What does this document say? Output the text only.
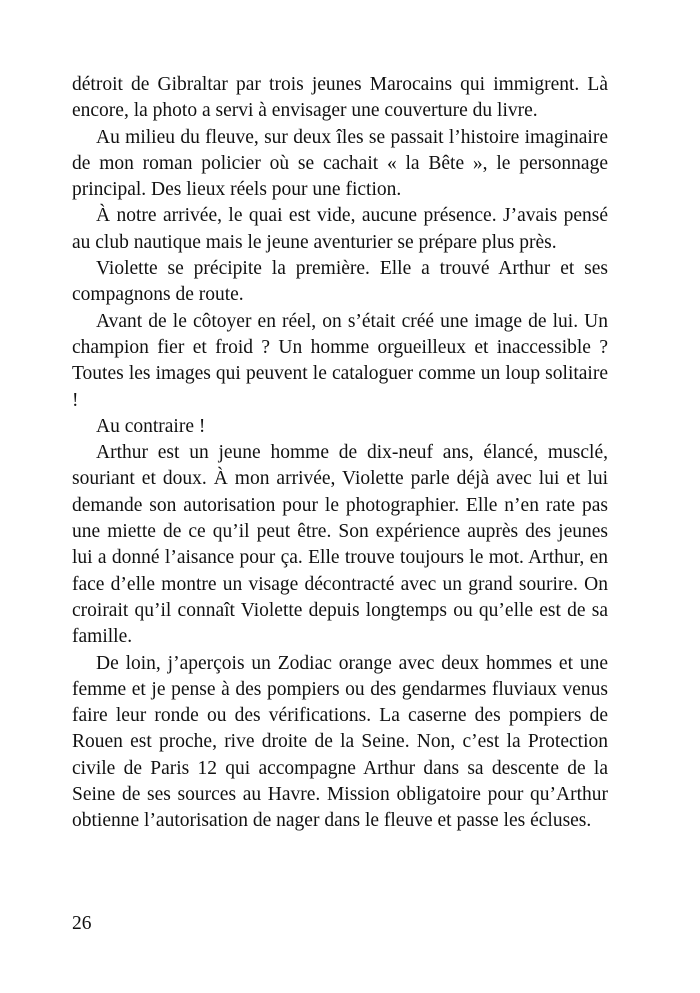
détroit de Gibraltar par trois jeunes Marocains qui immigrent. Là encore, la photo a servi à envisager une couverture du livre.

Au milieu du fleuve, sur deux îles se passait l’histoire imaginaire de mon roman policier où se cachait « la Bête », le personnage principal. Des lieux réels pour une fiction.

À notre arrivée, le quai est vide, aucune présence. J’avais pensé au club nautique mais le jeune aventurier se prépare plus près.

Violette se précipite la première. Elle a trouvé Arthur et ses compagnons de route.

Avant de le côtoyer en réel, on s’était créé une image de lui. Un champion fier et froid ? Un homme orgueilleux et inaccessible ? Toutes les images qui peuvent le cataloguer comme un loup solitaire !

Au contraire !

Arthur est un jeune homme de dix-neuf ans, élancé, musclé, souriant et doux. À mon arrivée, Violette parle déjà avec lui et lui demande son autorisation pour le photographier. Elle n’en rate pas une miette de ce qu’il peut être. Son expérience auprès des jeunes lui a donné l’aisance pour ça. Elle trouve toujours le mot. Arthur, en face d’elle montre un visage décontracté avec un grand sourire. On croirait qu’il connaît Violette depuis longtemps ou qu’elle est de sa famille.

De loin, j’aperçois un Zodiac orange avec deux hommes et une femme et je pense à des pompiers ou des gendarmes fluviaux venus faire leur ronde ou des vérifications. La caserne des pompiers de Rouen est proche, rive droite de la Seine. Non, c’est la Protection civile de Paris 12 qui accompagne Arthur dans sa descente de la Seine de ses sources au Havre. Mission obligatoire pour qu’Arthur obtienne l’autorisation de nager dans le fleuve et passe les écluses.

26
